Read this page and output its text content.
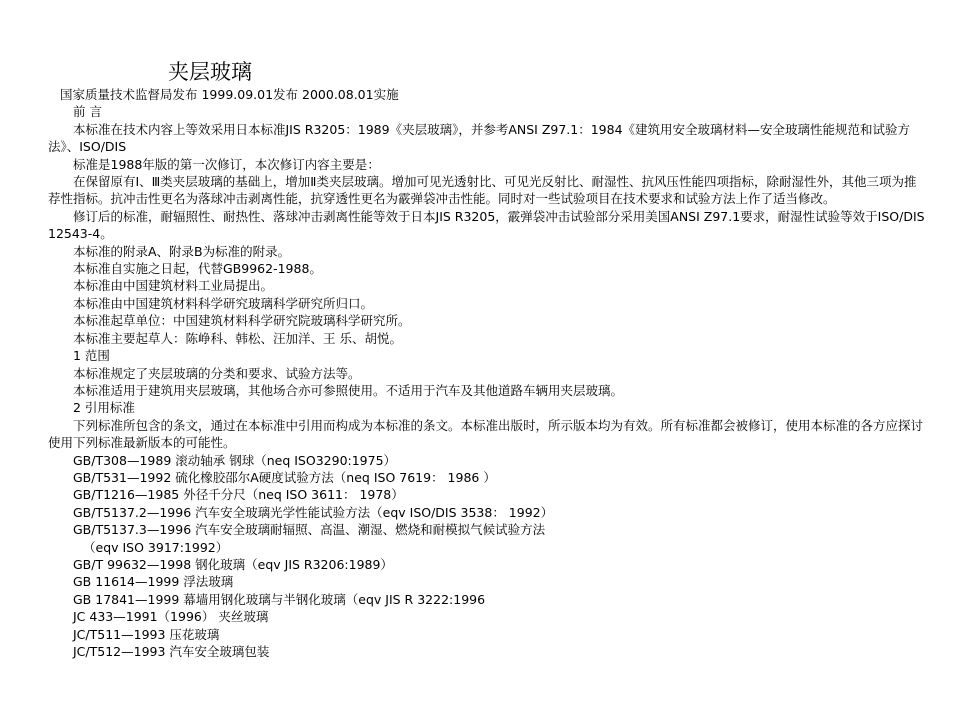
夹层玻璃
国家质量技术监督局发布 1999.09.01发布 2000.08.01实施
前 言

本标准在技术内容上等效采用日本标准JIS R3205：1989《夹层玻璃》，并参考ANSI Z97.1：1984《建筑用安全玻璃材料—安全玻璃性能规范和试验方法》、ISO/DIS

标准是1988年版的第一次修订，本次修订内容主要是：

在保留原有Ⅰ、Ⅲ类夹层玻璃的基础上，增加Ⅱ类夹层玻璃。增加可见光透射比、可见光反射比、耐湿性、抗风压性能四项指标，除耐湿性外，其他三项为推荐性指标。抗冲击性更名为落球冲击剥离性能，抗穿透性更名为霰弹袋冲击性能。同时对一些试验项目在技术要求和试验方法上作了适当修改。

修订后的标准，耐辐照性、耐热性、落球冲击剥离性能等效于日本JIS R3205，霰弹袋冲击试验部分采用美国ANSI Z97.1要求，耐湿性试验等效于ISO/DIS 12543-4。

本标准的附录A、附录B为标准的附录。

本标准自实施之日起，代替GB9962-1988。

本标准由中国建筑材料工业局提出。

本标准由中国建筑材料科学研究玻璃科学研究所归口。

本标准起草单位：中国建筑材料科学研究院玻璃科学研究所。

本标准主要起草人：陈峥科、韩松、汪加洋、王 乐、胡悦。

1 范围

本标准规定了夹层玻璃的分类和要求、试验方法等。

本标准适用于建筑用夹层玻璃，其他场合亦可参照使用。不适用于汽车及其他道路车辆用夹层玻璃。

2 引用标准

下列标准所包含的条文，通过在本标准中引用而构成为本标准的条文。本标准出版时，所示版本均为有效。所有标准都会被修订，使用本标准的各方应探讨使用下列标准最新版本的可能性。

GB/T308—1989 滚动轴承 钢球（neq ISO3290:1975）
GB/T531—1992 硫化橡胶邵尔A硬度试验方法（neq ISO 7619： 1986 ）
GB/T1216—1985 外径千分尺（neq ISO 3611： 1978）
GB/T5137.2—1996 汽车安全玻璃光学性能试验方法（eqv ISO/DIS 3538： 1992）
GB/T5137.3—1996 汽车安全玻璃耐辐照、高温、潮湿、燃烧和耐模拟气候试验方法
（eqv ISO 3917:1992）
GB/T 99632—1998 钢化玻璃（eqv JIS R3206:1989）
GB 11614—1999 浮法玻璃
GB 17841—1999 幕墙用钢化玻璃与半钢化玻璃（eqv JIS R 3222:1996
JC 433—1991（1996） 夹丝玻璃
JC/T511—1993 压花玻璃
JC/T512—1993 汽车安全玻璃包装
